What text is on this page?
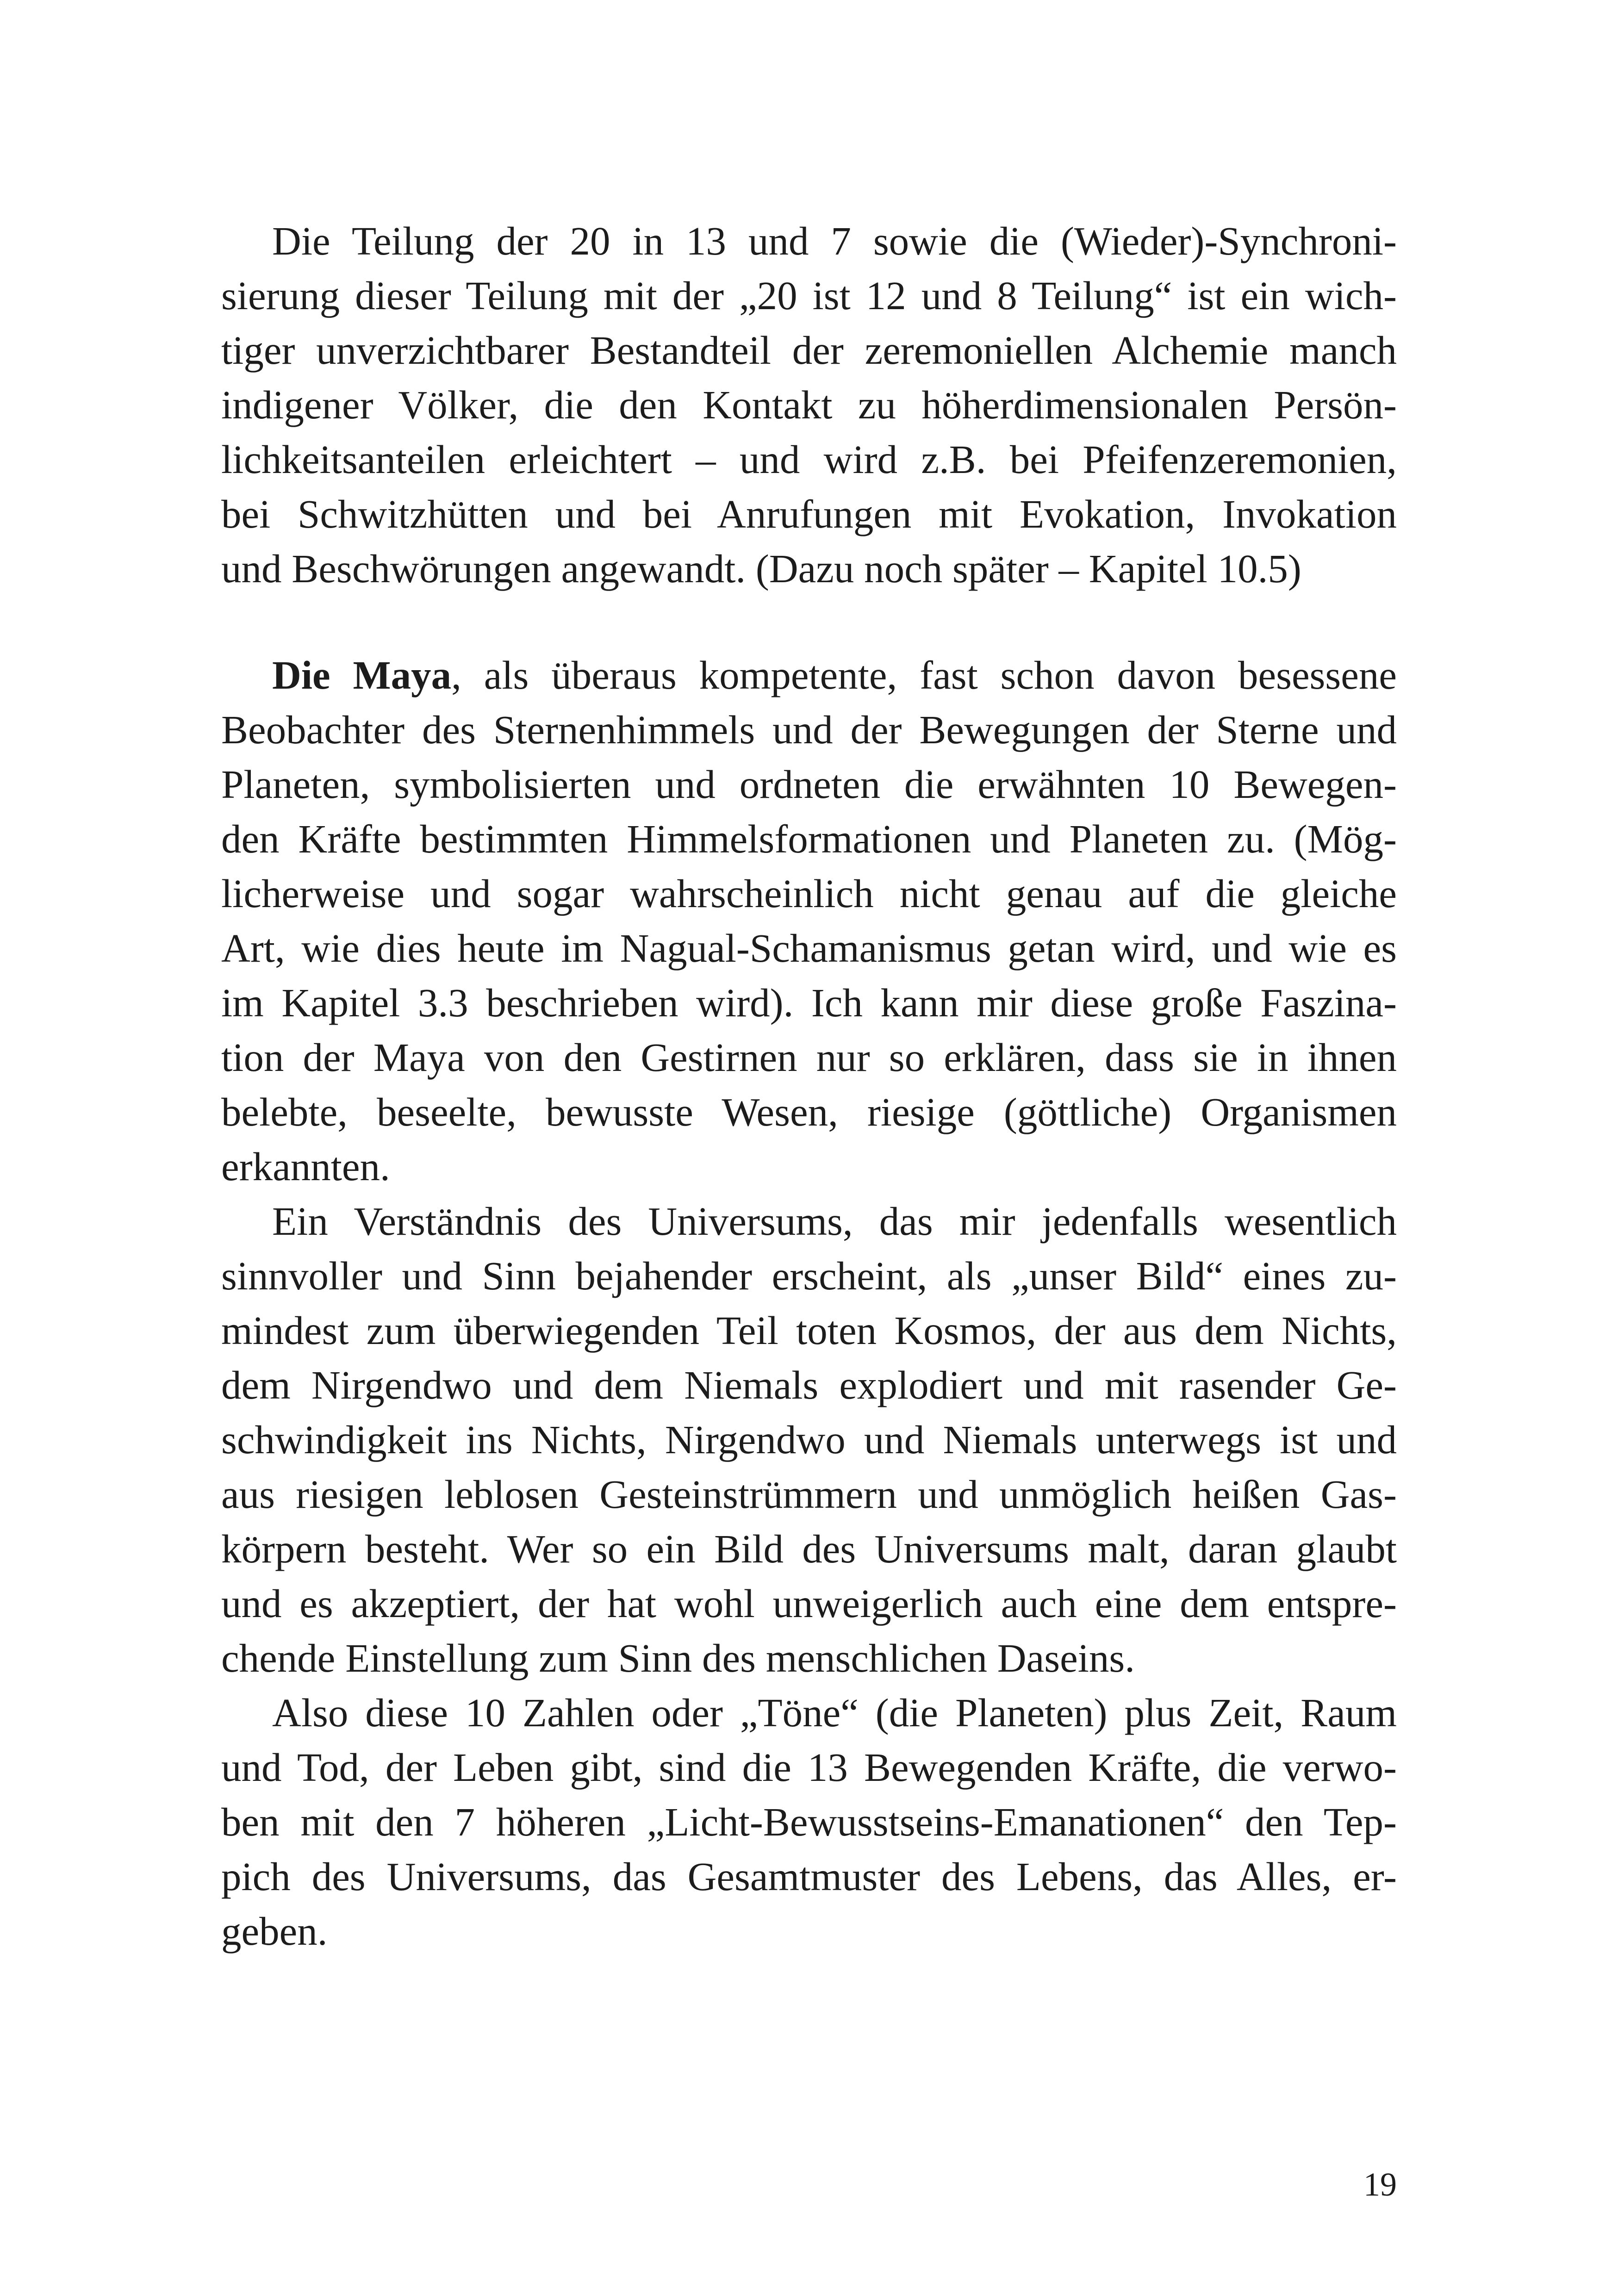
Die Teilung der 20 in 13 und 7 sowie die (Wieder)-Synchroni-
sierung dieser Teilung mit der „20 ist 12 und 8 Teilung“ ist ein wich-
tiger unverzichtbarer Bestandteil der zeremoniellen Alchemie manch
indigener Völker, die den Kontakt zu höherdimensionalen Persön-
lichkeitsanteilen erleichtert – und wird z.B. bei Pfeifenzeremonien,
bei Schwitzhütten und bei Anrufungen mit Evokation, Invokation
und Beschwörungen angewandt. (Dazu noch später – Kapitel 10.5)

Die Maya, als überaus kompetente, fast schon davon besessene
Beobachter des Sternenhimmels und der Bewegungen der Sterne und
Planeten, symbolisierten und ordneten die erwähnten 10 Bewegen-
den Kräfte bestimmten Himmelsformationen und Planeten zu. (Mög-
licherweise und sogar wahrscheinlich nicht genau auf die gleiche
Art, wie dies heute im Nagual-Schamanismus getan wird, und wie es
im Kapitel 3.3 beschrieben wird). Ich kann mir diese große Faszina-
tion der Maya von den Gestirnen nur so erklären, dass sie in ihnen
belebte, beseelte, bewusste Wesen, riesige (göttliche) Organismen
erkannten.

Ein Verständnis des Universums, das mir jedenfalls wesentlich
sinnvoller und Sinn bejahender erscheint, als „unser Bild“ eines zu-
mindest zum überwiegenden Teil toten Kosmos, der aus dem Nichts,
dem Nirgendwo und dem Niemals explodiert und mit rasender Ge-
schwindigkeit ins Nichts, Nirgendwo und Niemals unterwegs ist und
aus riesigen leblosen Gesteinstrümmern und unmöglich heißen Gas-
körpern besteht. Wer so ein Bild des Universums malt, daran glaubt
und es akzeptiert, der hat wohl unweigerlich auch eine dem entspre-
chende Einstellung zum Sinn des menschlichen Daseins.

Also diese 10 Zahlen oder „Töne“ (die Planeten) plus Zeit, Raum
und Tod, der Leben gibt, sind die 13 Bewegenden Kräfte, die verwo-
ben mit den 7 höheren „Licht-Bewusstseins-Emanationen“ den Tep-
pich des Universums, das Gesamtmuster des Lebens, das Alles, er-
geben.

19
